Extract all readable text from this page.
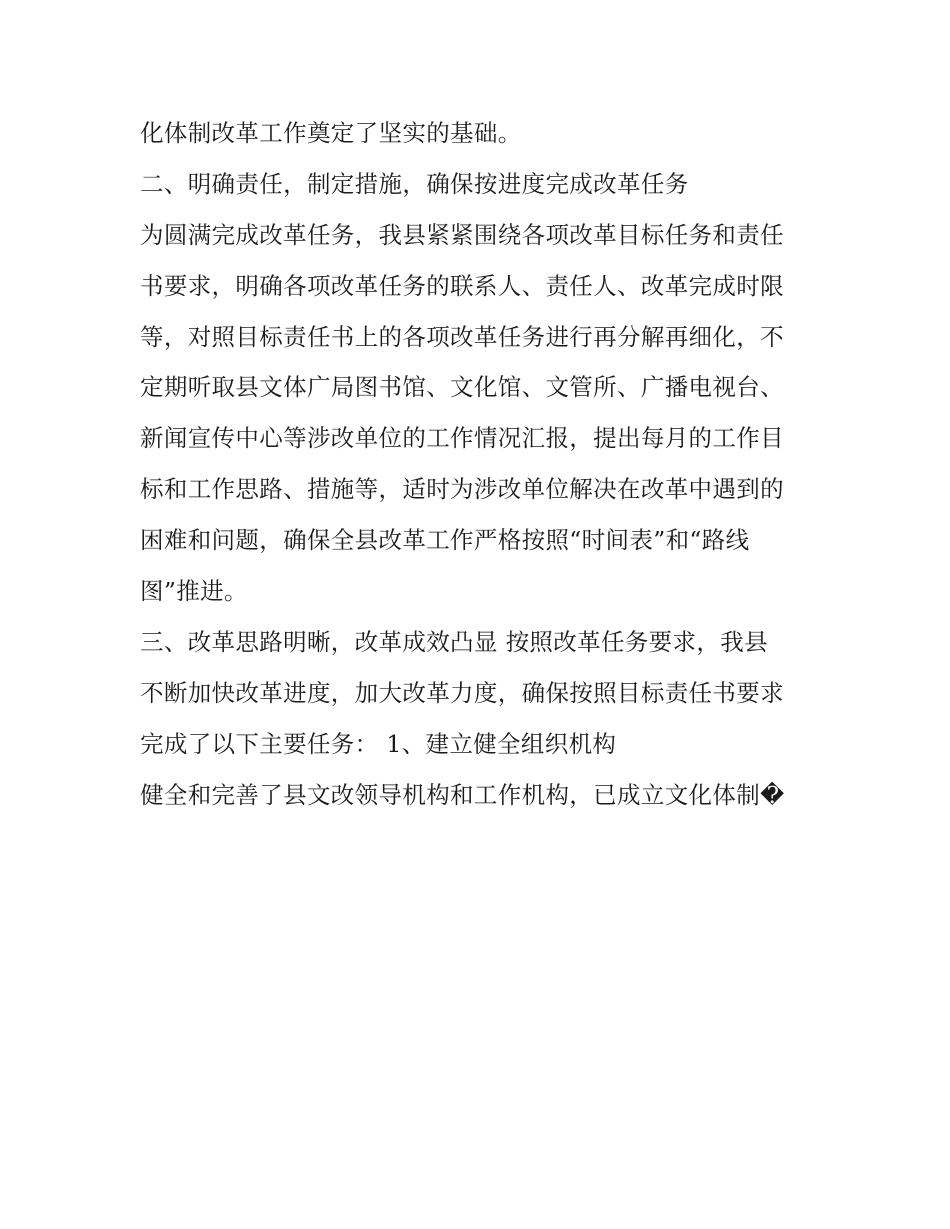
化体制改革工作奠定了坚实的基础。
二、明确责任，制定措施，确保按进度完成改革任务
为圆满完成改革任务，我县紧紧围绕各项改革目标任务和责任
书要求，明确各项改革任务的联系人、责任人、改革完成时限
等，对照目标责任书上的各项改革任务进行再分解再细化，不
定期听取县文体广局图书馆、文化馆、文管所、广播电视台、
新闻宣传中心等涉改单位的工作情况汇报，提出每月的工作目
标和工作思路、措施等，适时为涉改单位解决在改革中遇到的
困难和问题，确保全县改革工作严格按照“时间表”和“路线
图”推进。
三、改革思路明晰，改革成效凸显 按照改革任务要求，我县
不断加快改革进度，加大改革力度，确保按照目标责任书要求
完成了以下主要任务： 1、建立健全组织机构
健全和完善了县文改领导机构和工作机构，已成立文化体制�
